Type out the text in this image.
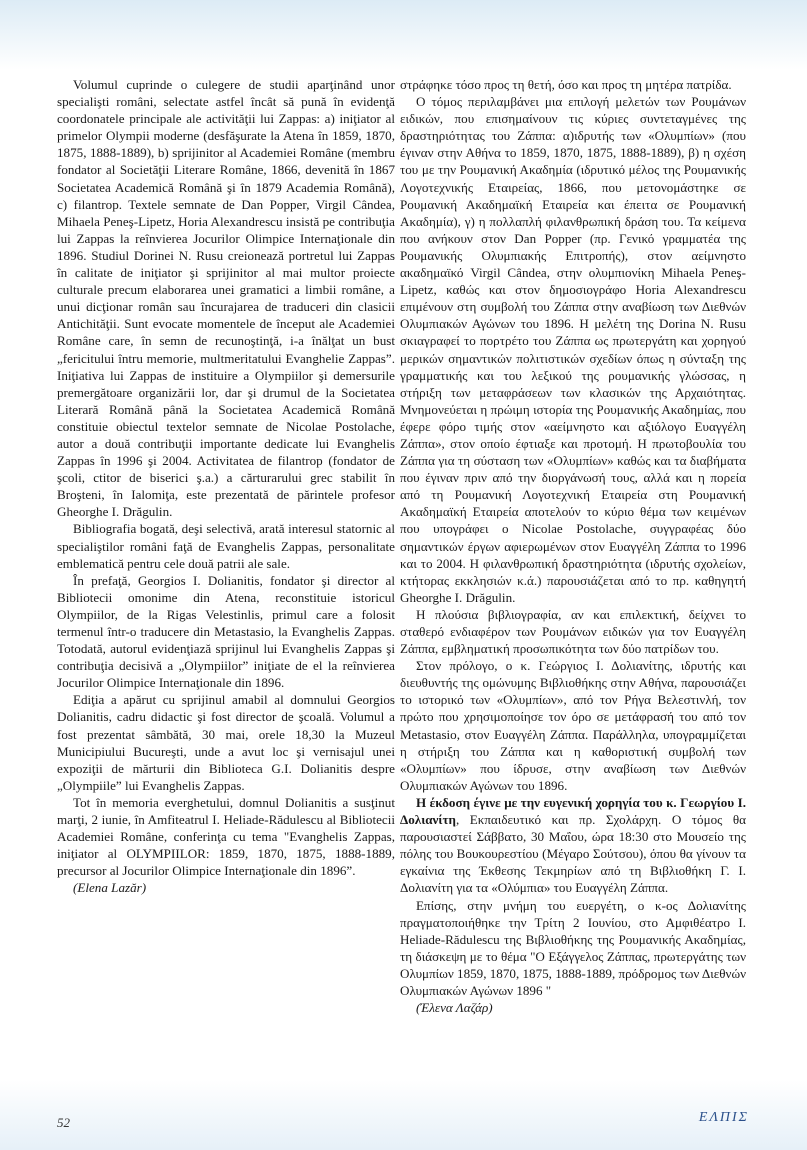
Volumul cuprinde o culegere de studii aparţinând unor specialişti români, selectate astfel încât să pună în evidenţă coordonatele principale ale activităţii lui Zappas: a) iniţiator al primelor Olympii moderne (desfăşurate la Atena în 1859, 1870, 1875, 1888-1889), b) sprijinitor al Academiei Române (membru fondator al Societăţii Literare Române, 1866, devenită în 1867 Societatea Academică Română şi în 1879 Academia Română), c) filantrop. Textele semnate de Dan Popper, Virgil Cândea, Mihaela Peneş-Lipetz, Horia Alexandrescu insistă pe contribuţia lui Zappas la reînvierea Jocurilor Olimpice Internaţionale din 1896. Studiul Dorinei N. Rusu creionează portretul lui Zappas în calitate de iniţiator şi sprijinitor al mai multor proiecte culturale precum elaborarea unei gramatici a limbii române, a unui dicţionar român sau încurajarea de traduceri din clasicii Antichităţii. Sunt evocate momentele de început ale Academiei Române care, în semn de recunoştinţă, i-a înălţat un bust „fericitului întru memorie, multmeritatului Evanghelie Zappas”. Iniţiativa lui Zappas de instituire a Olympiilor şi demersurile premergătoare organizării lor, dar şi drumul de la Societatea Literară Română până la Societatea Academică Română constituie obiectul textelor semnate de Nicolae Postolache, autor a două contribuţii importante dedicate lui Evanghelis Zappas în 1996 şi 2004. Activitatea de filantrop (fondator de şcoli, ctitor de biserici ş.a.) a cărturarului grec stabilit în Broşteni, în Ialomiţa, este prezentată de părintele profesor Gheorghe I. Drăgulin.

Bibliografia bogată, deşi selectivă, arată interesul statornic al specialiştilor români faţă de Evanghelis Zappas, personalitate emblematică pentru cele două patrii ale sale.

În prefaţă, Georgios I. Dolianitis, fondator şi director al Bibliotecii omonime din Atena, reconstituie istoricul Olympiilor, de la Rigas Velestinlis, primul care a folosit termenul într-o traducere din Metastasio, la Evanghelis Zappas. Totodată, autorul evidenţiază sprijinul lui Evanghelis Zappas şi contribuţia decisivă a „Olympiilor” iniţiate de el la reînvierea Jocurilor Olimpice Internaţionale din 1896.

Ediţia a apărut cu sprijinul amabil al domnului Georgios Dolianitis, cadru didactic şi fost director de şcoală. Volumul a fost prezentat sâmbătă, 30 mai, orele 18,30 la Muzeul Municipiului Bucureşti, unde a avut loc şi vernisajul unei expoziţii de mărturii din Biblioteca G.I. Dolianitis despre „Olympiile” lui Evanghelis Zappas.

Tot în memoria everghetului, domnul Dolianitis a susţinut marţi, 2 iunie, în Amfiteatrul I. Heliade-Rădulescu al Bibliotecii Academiei Române, conferinţa cu tema "Evanghelis Zappas, iniţiator al OLYMPIILOR: 1859, 1870, 1875, 1888-1889, precursor al Jocurilor Olimpice Internaţionale din 1896”.

(Elena Lazăr)

στράφηκε τόσο προς τη θετή, όσο και προς τη μητέρα πατρίδα.

Ο τόμος περιλαμβάνει μια επιλογή μελετών των Ρουμάνων ειδικών, που επισημαίνουν τις κύριες συντεταγμένες της δραστηριότητας του Ζάππα: α)ιδρυτής των «Ολυμπίων» (που έγιναν στην Αθήνα το 1859, 1870, 1875, 1888-1889), β) η σχέση του με την Ρουμανική Ακαδημία (ιδρυτικό μέλος της Ρουμανικής Λογοτεχνικής Εταιρείας, 1866, που μετονομάστηκε σε Ρουμανική Ακαδημαϊκή Εταιρεία και έπειτα σε Ρουμανική Ακαδημία), γ) η πολλαπλή φιλανθρωπική δράση του. Τα κείμενα που ανήκουν στον Dan Popper (πρ. Γενικό γραμματέα της Ρουμανικής Ολυμπιακής Επιτροπής), στον αείμνηστο ακαδημαϊκό Virgil Cândea, στην ολυμπιονίκη Mihaela Peneş-Lipetz, καθώς και στον δημοσιογράφο Horia Alexandrescu επιμένουν στη συμβολή του Ζάππα στην αναβίωση των Διεθνών Ολυμπιακών Αγώνων του 1896. Η μελέτη της Dorina N. Rusu σκιαγραφεί το πορτρέτο του Ζάππα ως πρωτεργάτη και χορηγού μερικών σημαντικών πολιτιστικών σχεδίων όπως η σύνταξη της γραμματικής και του λεξικού της ρουμανικής γλώσσας, η στήριξη των μεταφράσεων των κλασικών της Αρχαιότητας. Μνημονεύεται η πρώιμη ιστορία της Ρουμανικής Ακαδημίας, που έφερε φόρο τιμής στον «αείμνηστο και αξιόλογο Ευαγγέλη Ζάππα», στον οποίο έφτιαξε και προτομή. Η πρωτοβουλία του Ζάππα για τη σύσταση των «Ολυμπίων» καθώς και τα διαβήματα που έγιναν πριν από την διοργάνωσή τους, αλλά και η πορεία από τη Ρουμανική Λογοτεχνική Εταιρεία στη Ρουμανική Ακαδημαϊκή Εταιρεία αποτελούν το κύριο θέμα των κειμένων που υπογράφει ο Nicolae Postolache, συγγραφέας δύο σημαντικών έργων αφιερωμένων στον Ευαγγέλη Ζάππα το 1996 και το 2004. Η φιλανθρωπική δραστηριότητα (ιδρυτής σχολείων, κτήτορας εκκλησιών κ.ά.) παρουσιάζεται από το πρ. καθηγητή Gheorghe I. Drăgulin.

Η πλούσια βιβλιογραφία, αν και επιλεκτική, δείχνει το σταθερό ενδιαφέρον των Ρουμάνων ειδικών για τον Ευαγγέλη Ζάππα, εμβληματική προσωπικότητα των δύο πατρίδων του.

Στον πρόλογο, ο κ. Γεώργιος Ι. Δολιανίτης, ιδρυτής και διευθυντής της ομώνυμης Βιβλιοθήκης στην Αθήνα, παρουσιάζει το ιστορικό των «Ολυμπίων», από τον Ρήγα Βελεστινλή, τον πρώτο που χρησιμοποίησε τον όρο σε μετάφρασή του από τον Metastasio, στον Ευαγγέλη Ζάππα. Παράλληλα, υπογραμμίζεται η στήριξη του Ζάππα και η καθοριστική συμβολή των «Ολυμπίων» που ίδρυσε, στην αναβίωση των Διεθνών Ολυμπιακών Αγώνων του 1896.

Η έκδοση έγινε με την ευγενική χορηγία του κ. Γεωργίου Ι. Δολιανίτη, Εκπαιδευτικό και πρ. Σχολάρχη. Ο τόμος θα παρουσιαστεί Σάββατο, 30 Μαΐου, ώρα 18:30 στο Μουσείο της πόλης του Βουκουρεστίου (Μέγαρο Σούτσου), όπου θα γίνουν τα εγκαίνια της Έκθεσης Τεκμηρίων από τη Βιβλιοθήκη Γ. Ι. Δολιανίτη για τα «Ολύμπια» του Ευαγγέλη Ζάππα.

Επίσης, στην μνήμη του ευεργέτη, ο κ-ος Δολιανίτης πραγματοποιήθηκε την Τρίτη 2 Ιουνίου, στο Αμφιθέατρο Ι. Heliade-Rădulescu της Βιβλιοθήκης της Ρουμανικής Ακαδημίας, τη διάσκεψη με το θέμα "Ο Εξάγγελος Ζάππας, πρωτεργάτης των Ολυμπίων 1859, 1870, 1875, 1888-1889, πρόδρομος των Διεθνών Ολυμπιακών Αγώνων 1896 "

(Έλενα Λαζάρ)

52	ΕΛΠΙΣ
